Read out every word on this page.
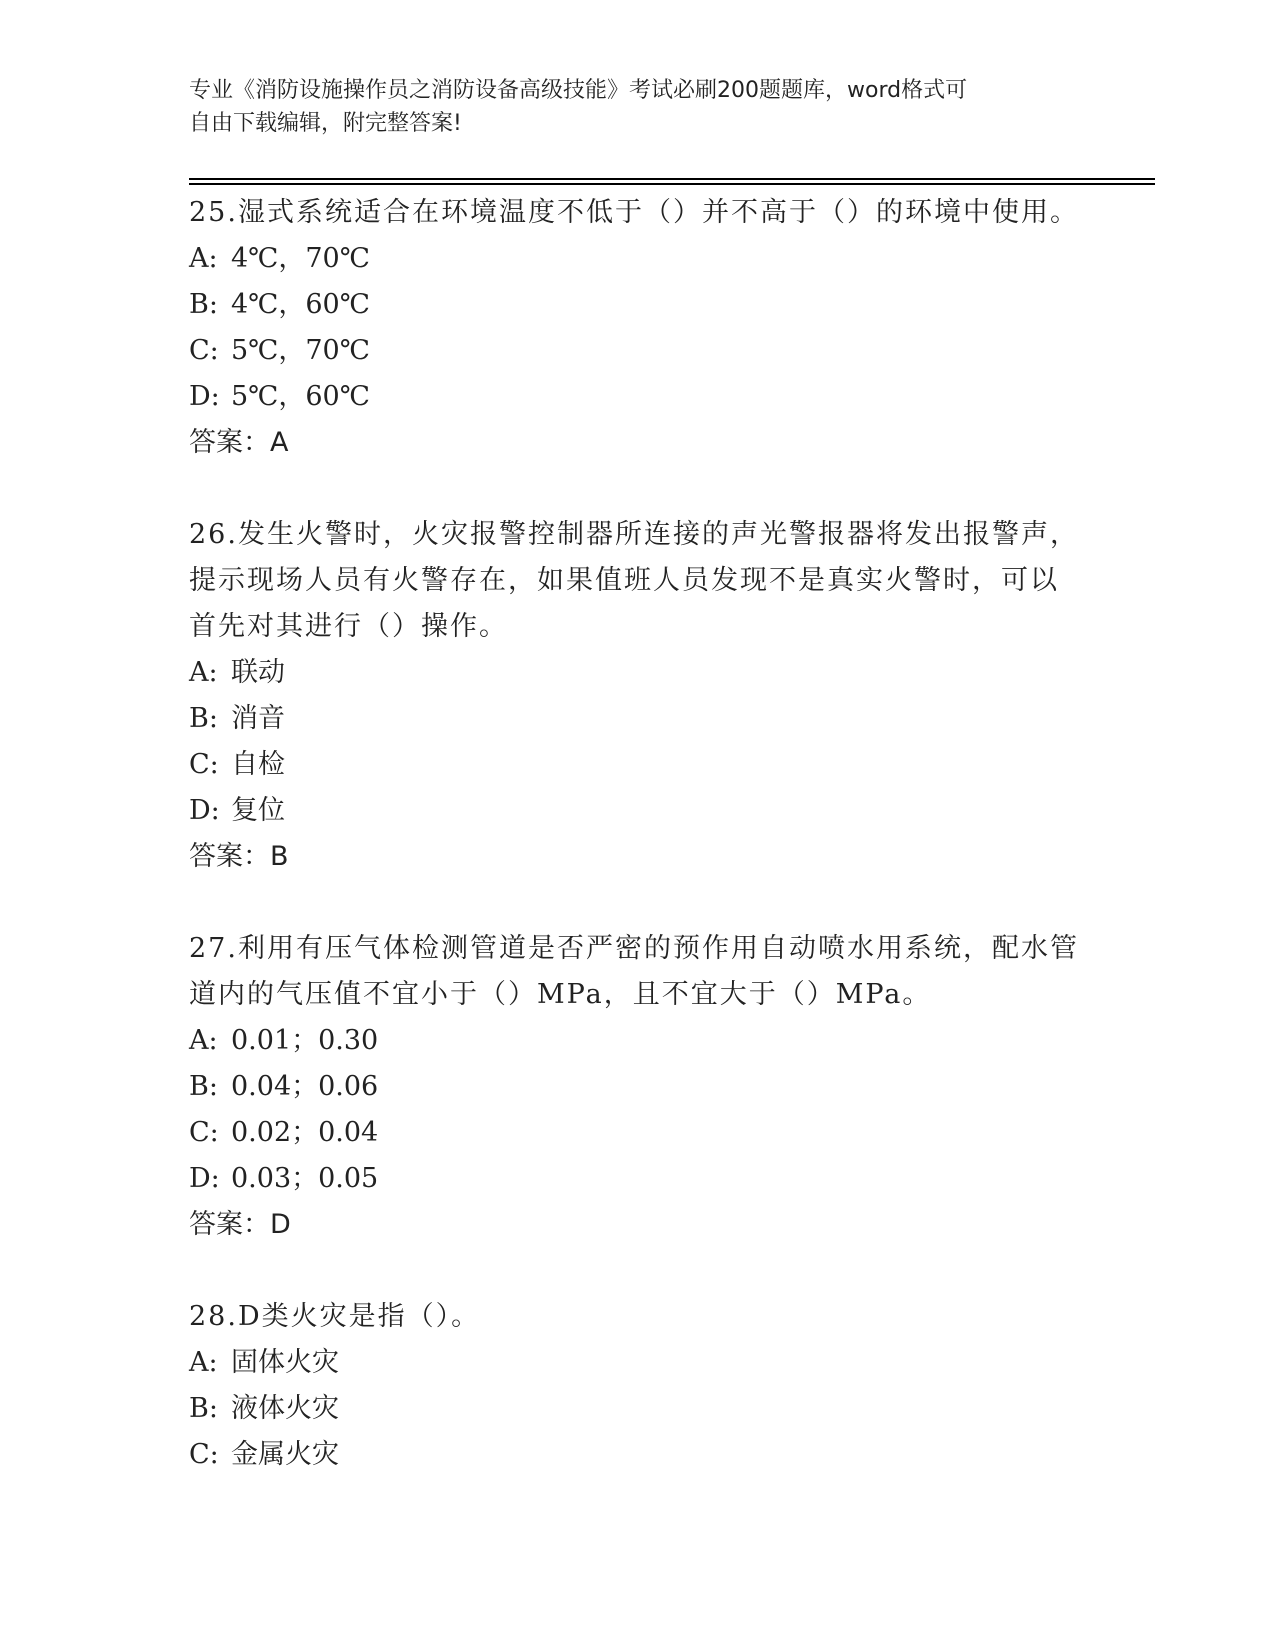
专业《消防设施操作员之消防设备高级技能》考试必刷200题题库，word格式可
自由下载编辑，附完整答案!
25.湿式系统适合在环境温度不低于（）并不高于（）的环境中使用。
A: 4℃，70℃
B: 4℃，60℃
C: 5℃，70℃
D: 5℃，60℃
答案：A
26.发生火警时，火灾报警控制器所连接的声光警报器将发出报警声，
提示现场人员有火警存在，如果值班人员发现不是真实火警时，可以
首先对其进行（）操作。
A: 联动
B: 消音
C: 自检
D: 复位
答案：B
27.利用有压气体检测管道是否严密的预作用自动喷水用系统，配水管
道内的气压值不宜小于（）MPa，且不宜大于（）MPa。
A: 0.01；0.30
B: 0.04；0.06
C: 0.02；0.04
D: 0.03；0.05
答案：D
28.D类火灾是指（）。
A: 固体火灾
B: 液体火灾
C: 金属火灾
